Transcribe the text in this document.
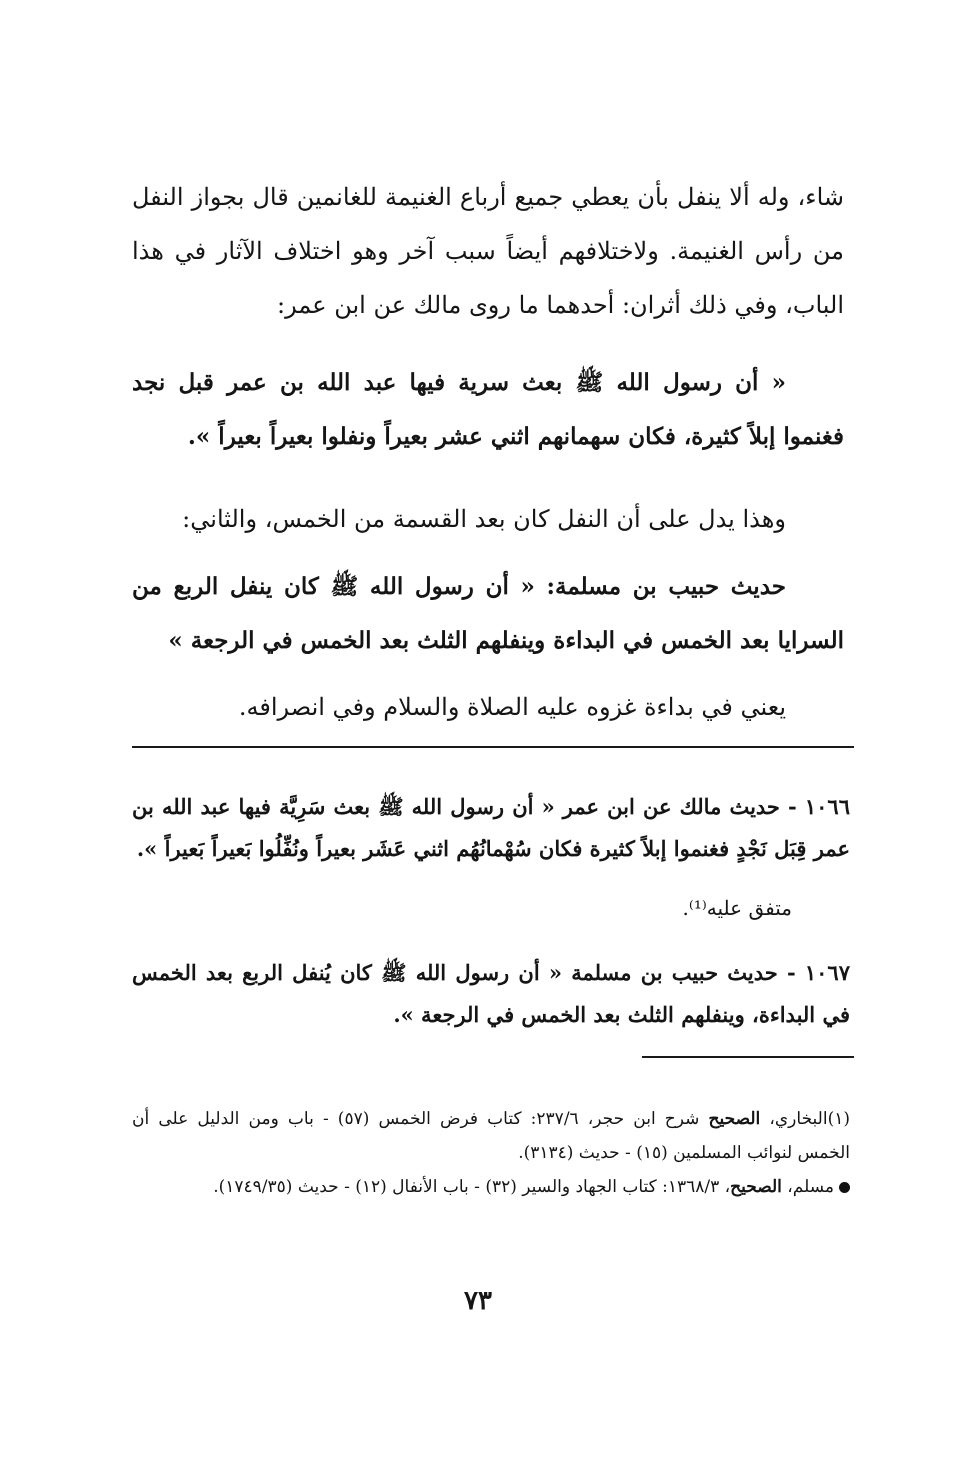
شاء، وله ألا ينفل بأن يعطي جميع أرباع الغنيمة للغانمين قال بجواز النفل من رأس الغنيمة. ولاختلافهم أيضاً سبب آخر وهو اختلاف الآثار في هذا الباب، وفي ذلك أثران: أحدهما ما روى مالك عن ابن عمر:

« أن رسول الله ﷺ بعث سرية فيها عبد الله بن عمر قبل نجد فغنموا إبلاً كثيرة، فكان سهمانهم اثني عشر بعيراً ونفلوا بعيراً بعيراً ».

وهذا يدل على أن النفل كان بعد القسمة من الخمس، والثاني:

حديث حبيب بن مسلمة: « أن رسول الله ﷺ كان ينفل الربع من السرايا بعد الخمس في البداءة وينفلهم الثلث بعد الخمس في الرجعة »

يعني في بداءة غزوه عليه الصلاة والسلام وفي انصرافه.

١٠٦٦ - حديث مالك عن ابن عمر « أن رسول الله ﷺ بعث سَرِيَّة فيها عبد الله بن عمر قِبَل نَجْدٍ فغنموا إبلاً كثيرة فكان سُهْمانُهُم اثني عَشَر بعيراً ونُفِّلُوا بَعيراً بَعيراً ».

متفق عليه⁽¹⁾.

١٠٦٧ - حديث حبيب بن مسلمة « أن رسول الله ﷺ كان يُنفل الربع بعد الخمس في البداءة، وينفلهم الثلث بعد الخمس في الرجعة ».

(١)البخاري، الصحيح شرح ابن حجر، ٢٣٧/٦: كتاب فرض الخمس (٥٧) - باب ومن الدليل على أن الخمس لنوائب المسلمين (١٥) - حديث (٣١٣٤).

مسلم، الصحيح، ١٣٦٨/٣: كتاب الجهاد والسير (٣٢) - باب الأنفال (١٢) - حديث (١٧٤٩/٣٥).

٧٣
